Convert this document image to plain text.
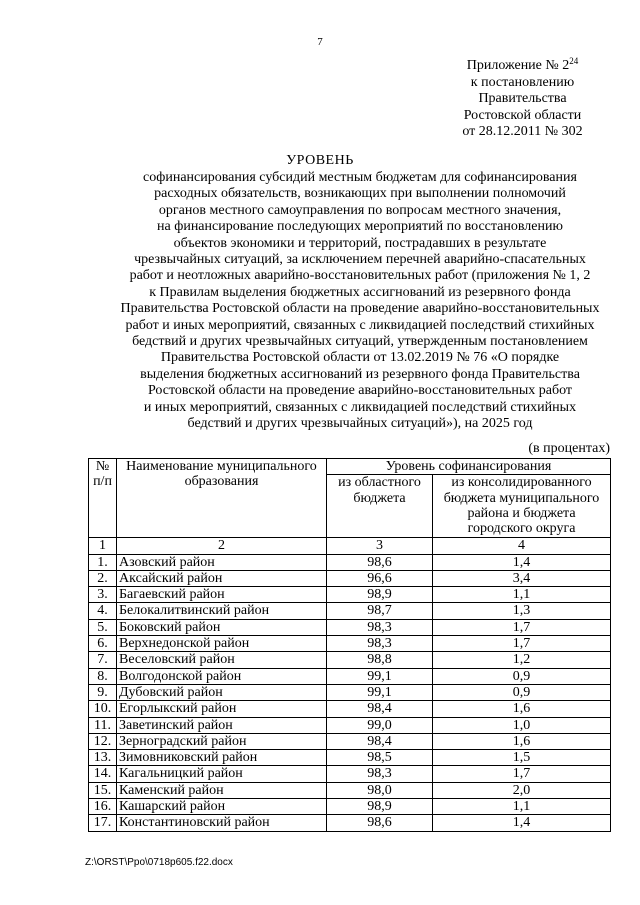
7
Приложение № $2^{24}$
к постановлению
Правительства
Ростовской области
от 28.12.2011 № 302
УРОВЕНЬ
софинансирования субсидий местным бюджетам для софинансирования
расходных обязательств, возникающих при выполнении полномочий
органов местного самоуправления по вопросам местного значения,
на финансирование последующих мероприятий по восстановлению
объектов экономики и территорий, пострадавших в результате
чрезвычайных ситуаций, за исключением перечней аварийно-спасательных
работ и неотложных аварийно-восстановительных работ (приложения № 1, 2
к Правилам выделения бюджетных ассигнований из резервного фонда
Правительства Ростовской области на проведение аварийно-восстановительных
работ и иных мероприятий, связанных с ликвидацией последствий стихийных
бедствий и других чрезвычайных ситуаций, утвержденным постановлением
Правительства Ростовской области от 13.02.2019 № 76 «О порядке
выделения бюджетных ассигнований из резервного фонда Правительства
Ростовской области на проведение аварийно-восстановительных работ
и иных мероприятий, связанных с ликвидацией последствий стихийных
бедствий и других чрезвычайных ситуаций»), на 2025 год
(в процентах)
№ п/п	Наименование муниципального образования	Уровень софинансирования	
		из областного бюджета	из консолидированного бюджета муниципального района и бюджета городского округа
1	2	3	4
1.	Азовский район	98,6	1,4
2.	Аксайский район	96,6	3,4
3.	Багаевский район	98,9	1,1
4.	Белокалитвинский район	98,7	1,3
5.	Боковский район	98,3	1,7
6.	Верхнедонской район	98,3	1,7
7.	Веселовский район	98,8	1,2
8.	Волгодонской район	99,1	0,9
9.	Дубовский район	99,1	0,9
10.	Егорлыкский район	98,4	1,6
11.	Заветинский район	99,0	1,0
12.	Зерноградский район	98,4	1,6
13.	Зимовниковский район	98,5	1,5
14.	Кагальницкий район	98,3	1,7
15.	Каменский район	98,0	2,0
16.	Кашарский район	98,9	1,1
17.	Константиновский район	98,6	1,4
Z:\ORST\Ppo\0718p605.f22.docx
